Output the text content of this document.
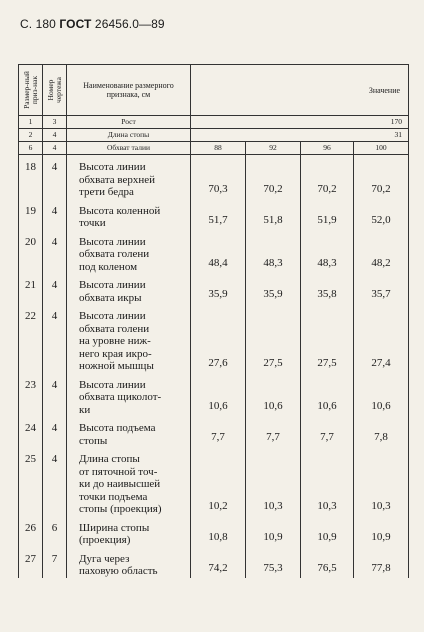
С. 180 ГОСТ 26456.0—89
Размер-ный приз-нак	Номер чертежа	Наименование размерного признака, см	Значение			
1	3	Рост	170			
2	4	Длина стопы	31			
6	4	Обхват талии	88	92	96	100
18	4	Высота линии
обхвата верхней
трети бедра	70,3	70,2	70,2	70,2
19	4	Высота коленной
точки	51,7	51,8	51,9	52,0
20	4	Высота линии
обхвата голени
под коленом	48,4	48,3	48,3	48,2
21	4	Высота линии
обхвата икры	35,9	35,9	35,8	35,7
22	4	Высота линии
обхвата голени
на уровне ниж-
него края икро-
ножной мышцы	27,6	27,5	27,5	27,4
23	4	Высота линии
обхвата щиколот-
ки	10,6	10,6	10,6	10,6
24	4	Высота подъема
стопы	7,7	7,7	7,7	7,8
25	4	Длина стопы
от пяточной точ-
ки до наивысшей
точки подъема
стопы (проекция)	10,2	10,3	10,3	10,3
26	6	Ширина стопы
(проекция)	10,8	10,9	10,9	10,9
27	7	Дуга через
паховую область	74,2	75,3	76,5	77,8
